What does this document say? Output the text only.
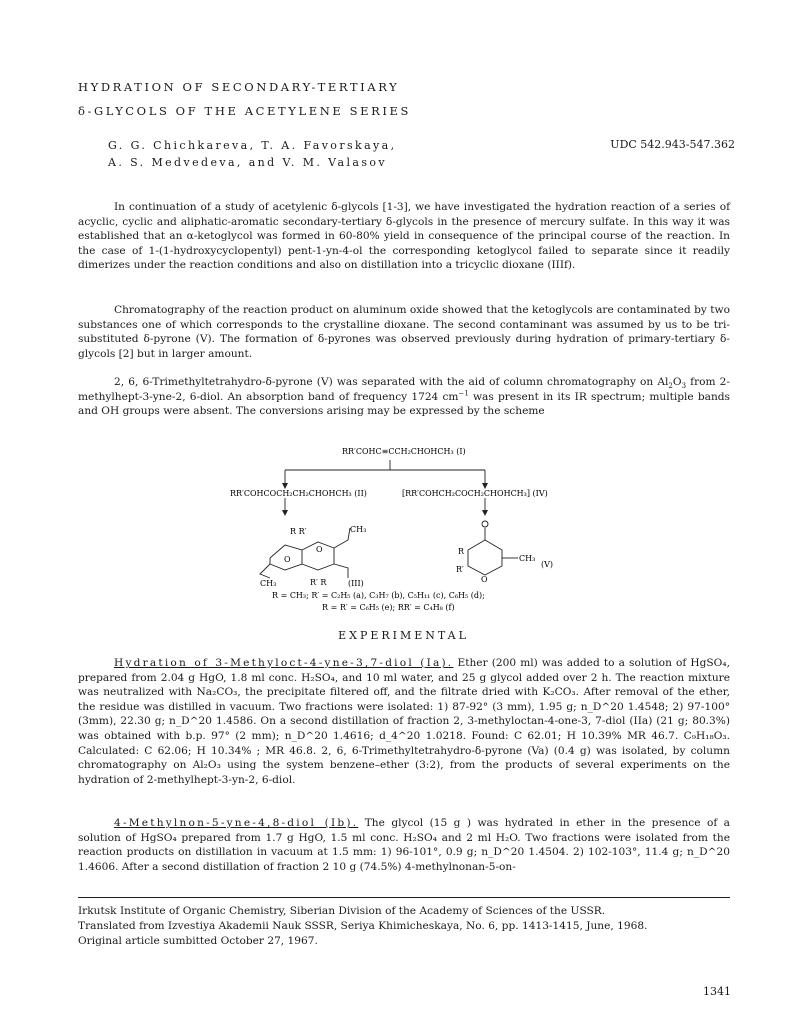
HYDRATION OF SECONDARY-TERTIARY
δ-GLYCOLS OF THE ACETYLENE SERIES
G. G. Chichkareva, T. A. Favorskaya,
A. S. Medvedeva, and V. M. Valasov
UDC 542.943-547.362

In continuation of a study of acetylenic δ-glycols [1-3], we have investigated the hydration reaction of a series of acyclic, cyclic and aliphatic-aromatic secondary-tertiary δ-glycols in the presence of mercury sulfate. In this way it was established that an α-ketoglycol was formed in 60-80% yield in consequence of the principal course of the reaction. In the case of 1-(1-hydroxycyclopentyl) pent-1-yn-4-ol the corresponding ketoglycol failed to separate since it readily dimerizes under the reaction conditions and also on distillation into a tricyclic dioxane (IIIf).

Chromatography of the reaction product on aluminum oxide showed that the ketoglycols are contaminated by two substances one of which corresponds to the crystalline dioxane. The second contaminant was assumed by us to be tri-substituted δ-pyrone (V). The formation of δ-pyrones was observed previously during hydration of primary-tertiary δ-glycols [2] but in larger amount.

2, 6, 6-Trimethyltetrahydro-δ-pyrone (V) was separated with the aid of column chromatography on $Al_2O_3$ from 2-methylhept-3-yne-2, 6-diol. An absorption band of frequency 1724 $cm^{-1}$ was present in its IR spectrum; multiple bands and OH groups were absent. The conversions arising may be expressed by the scheme

RR′COHC≡CCH₂CHOHCH₃ (I)
RR′COHCOCH₂CH₂CHOHCH₃ (II)	[RR′COHCH₂COCH₂CHOHCH₃] (IV)
R R′	CH₃
O
O
CH₃	R′ R	(III)
R
R′
O
CH₃
(V)
R = CH₃; R′ = C₂H₅ (a), C₃H₇ (b), C₅H₁₁ (c), C₆H₅ (d);
R = R′ = C₆H₅ (e); RR′ = C₄H₈ (f)
EXPERIMENTAL

Hydration of 3-Methyloct-4-yne-3,7-diol (Ia). Ether (200 ml) was added to a solution of HgSO₄, prepared from 2.04 g HgO, 1.8 ml conc. H₂SO₄, and 10 ml water, and 25 g glycol added over 2 h. The reaction mixture was neutralized with Na₂CO₃, the precipitate filtered off, and the filtrate dried with K₂CO₃. After removal of the ether, the residue was distilled in vacuum. Two fractions were isolated: 1) 87-92° (3 mm), 1.95 g; n_D^20 1.4548; 2) 97-100° (3mm), 22.30 g; n_D^20 1.4586. On a second distillation of fraction 2, 3-methyloctan-4-one-3, 7-diol (IIa) (21 g; 80.3%) was obtained with b.p. 97° (2 mm); n_D^20 1.4616; d_4^20 1.0218. Found: C 62.01; H 10.39% MR 46.7. C₉H₁₈O₃. Calculated: C 62.06; H 10.34% ; MR 46.8. 2, 6, 6-Trimethyltetrahydro-δ-pyrone (Va) (0.4 g) was isolated, by column chromatography on Al₂O₃ using the system benzene–ether (3:2), from the products of several experiments on the hydration of 2-methylhept-3-yn-2, 6-diol.

4-Methylnon-5-yne-4,8-diol (Ib). The glycol (15 g ) was hydrated in ether in the presence of a solution of HgSO₄ prepared from 1.7 g HgO, 1.5 ml conc. H₂SO₄ and 2 ml H₂O. Two fractions were isolated from the reaction products on distillation in vacuum at 1.5 mm: 1) 96-101°, 0.9 g; n_D^20 1.4504. 2) 102-103°, 11.4 g; n_D^20 1.4606. After a second distillation of fraction 2 10 g (74.5%) 4-methylnonan-5-on-

Irkutsk Institute of Organic Chemistry, Siberian Division of the Academy of Sciences of the USSR.
Translated from Izvestiya Akademii Nauk SSSR, Seriya Khimicheskaya, No. 6, pp. 1413-1415, June, 1968.
Original article sumbitted October 27, 1967.
1341
